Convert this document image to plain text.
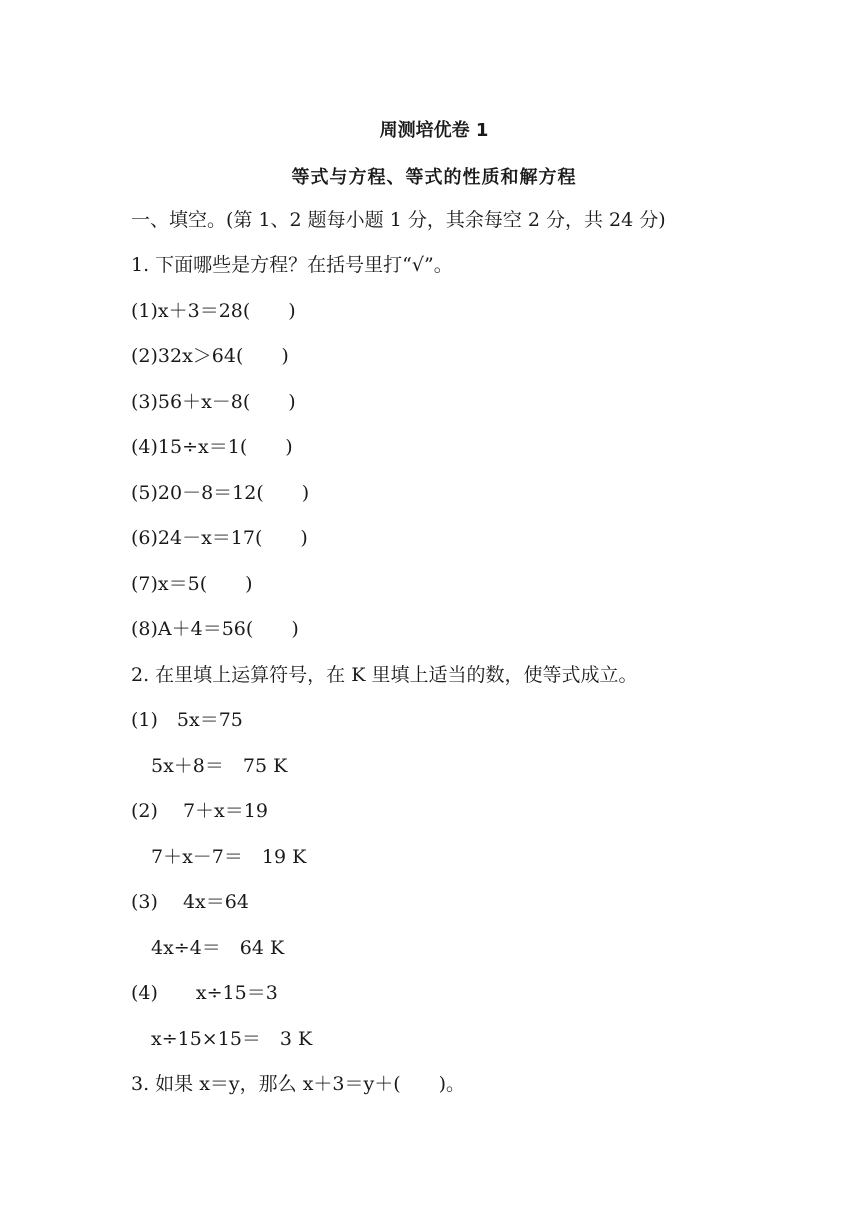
周测培优卷 1
等式与方程、等式的性质和解方程
一、填空。(第 1、2 题每小题 1 分，其余每空 2 分，共 24 分)
1. 下面哪些是方程？在括号里打“√”。
(1)x＋3＝28(　　)
(2)32x＞64(　　)
(3)56＋x－8(　　)
(4)15÷x＝1(　　)
(5)20－8＝12(　　)
(6)24－x＝17(　　)
(7)x＝5(　　)
(8)A＋4＝56(　　)
2. 在里填上运算符号，在 K 里填上适当的数，使等式成立。
(1)　5x＝75
5x＋8＝　75 K
(2)　 7＋x＝19
7＋x－7＝　19 K
(3)　 4x＝64
4x÷4＝　64 K
(4)　　x÷15＝3
x÷15×15＝　3 K
3. 如果 x＝y，那么 x＋3＝y＋(　　)。
